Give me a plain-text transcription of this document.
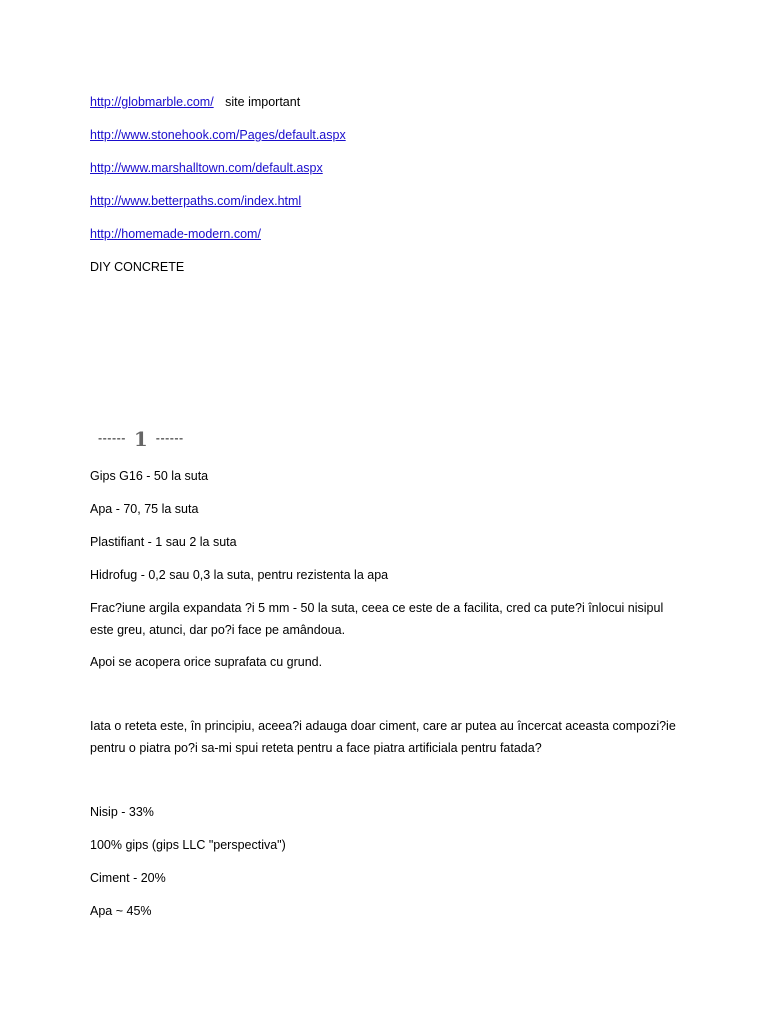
http://globmarble.com/ site important
http://www.stonehook.com/Pages/default.aspx
http://www.marshalltown.com/default.aspx
http://www.betterpaths.com/index.html
http://homemade-modern.com/
DIY CONCRETE
------ 1 ------
Gips G16 - 50 la suta
Apa - 70, 75 la suta
Plastifiant - 1 sau 2 la suta
Hidrofug - 0,2 sau 0,3 la suta, pentru rezistenta la apa
Frac?iune argila expandata ?i 5 mm - 50 la suta, ceea ce este de a facilita, cred ca pute?i înlocui nisipul este greu, atunci, dar po?i face pe amândoua.
Apoi se acopera orice suprafata cu grund.
Iata o reteta este, în principiu, aceea?i adauga doar ciment, care ar putea au încercat aceasta compozi?ie pentru o piatra po?i sa-mi spui reteta pentru a face piatra artificiala pentru fatada?
Nisip - 33%
100% gips (gips LLC "perspectiva")
Ciment - 20%
Apa ~ 45%
